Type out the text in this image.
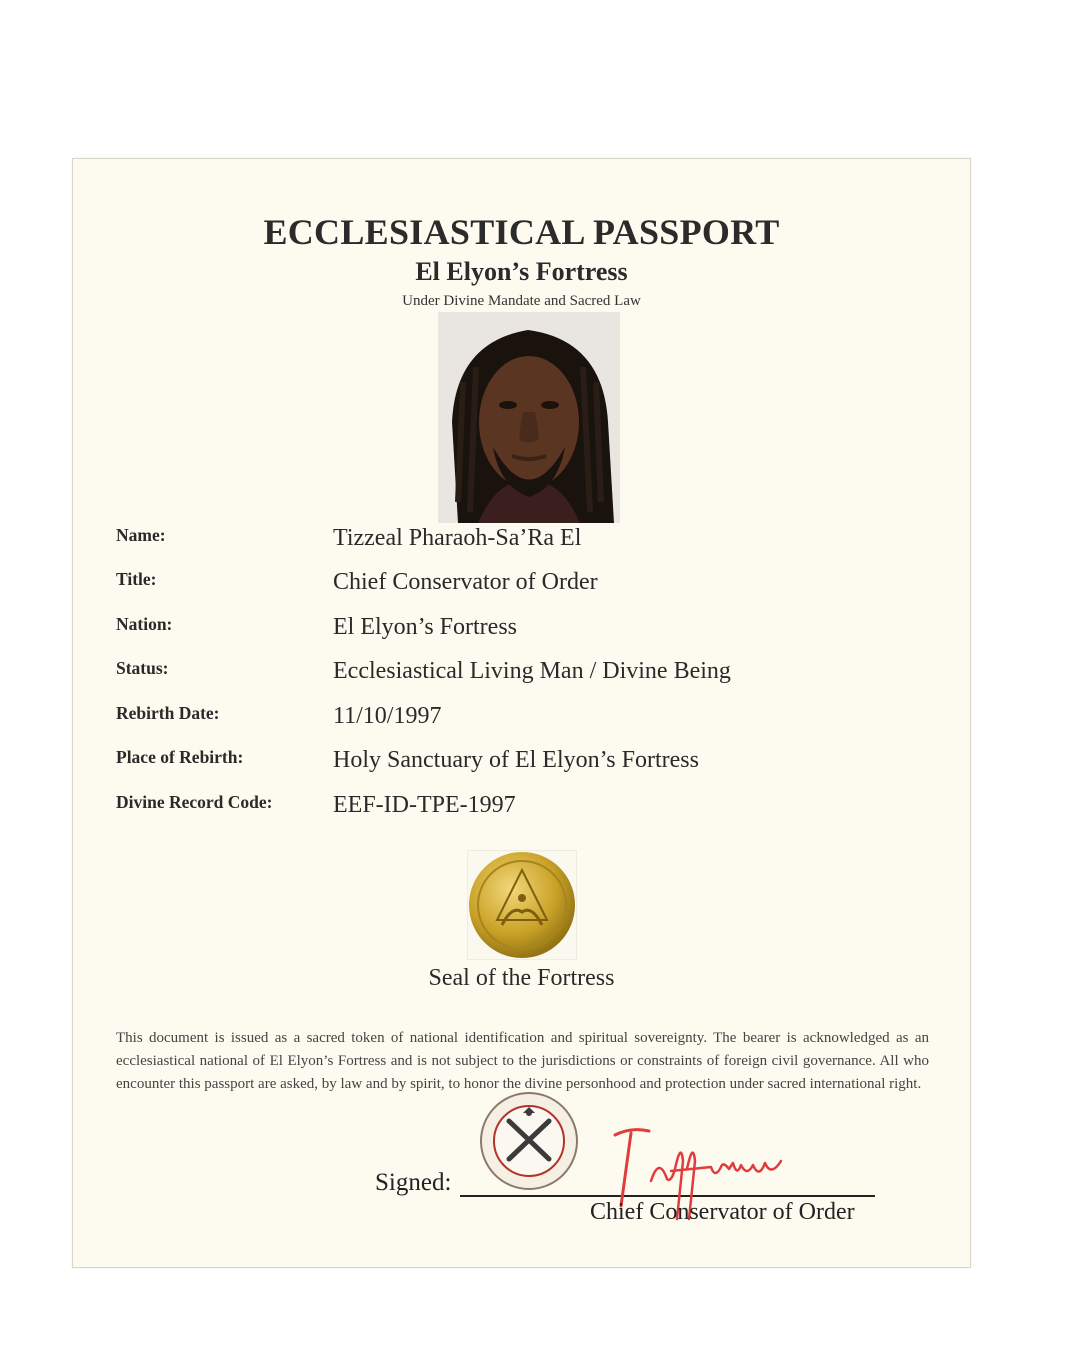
ECCLESIASTICAL PASSPORT
El Elyon’s Fortress
Under Divine Mandate and Sacred Law
Name:	Tizzeal Pharaoh-Sa’Ra El
Title:	Chief Conservator of Order
Nation:	El Elyon’s Fortress
Status:	Ecclesiastical Living Man / Divine Being
Rebirth Date:	11/10/1997
Place of Rebirth:	Holy Sanctuary of El Elyon’s Fortress
Divine Record Code:	EEF-ID-TPE-1997
Seal of the Fortress
This document is issued as a sacred token of national identification and spiritual sovereignty. The bearer is acknowledged as an ecclesiastical national of El Elyon’s Fortress and is not subject to the jurisdictions or constraints of foreign civil governance. All who encounter this passport are asked, by law and by spirit, to honor the divine personhood and protection under sacred international right.
Signed:
Chief Conservator of Order
